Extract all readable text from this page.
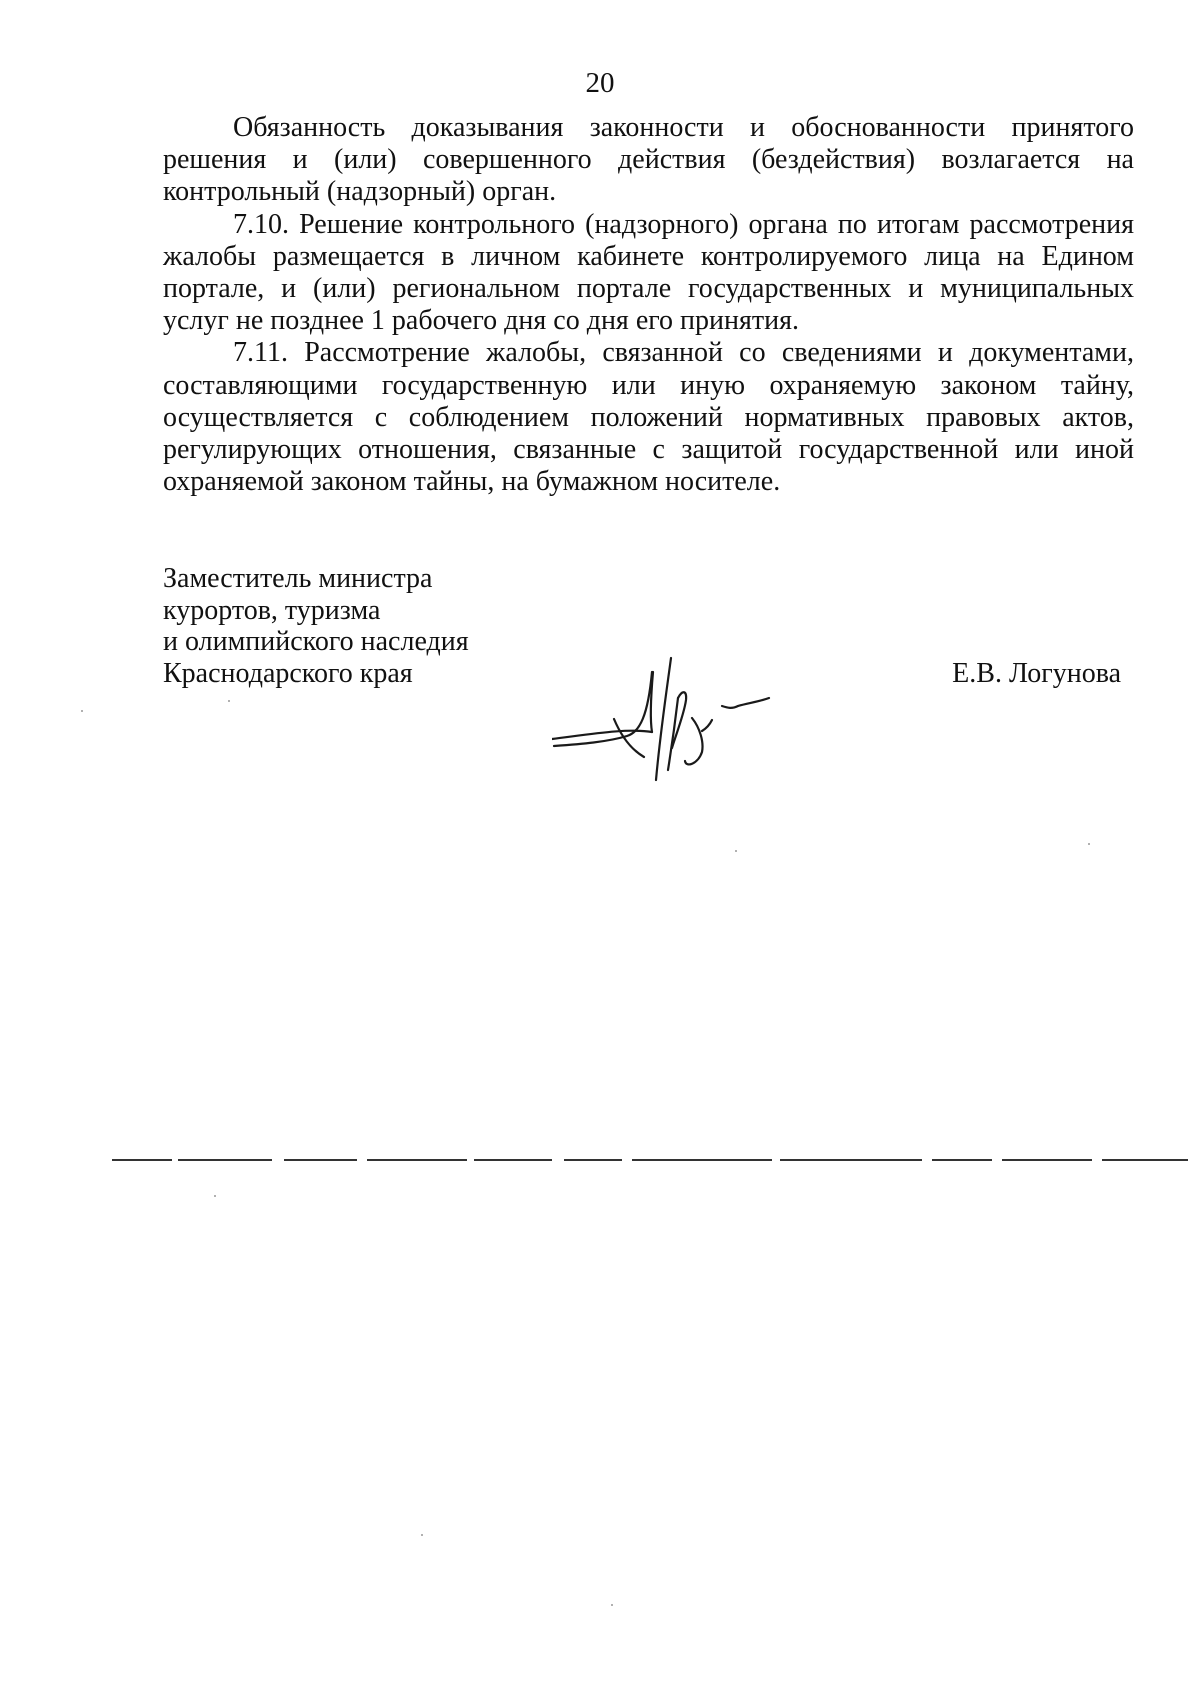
20

Обязанность доказывания законности и обоснованности принятого решения и (или) совершенного действия (бездействия) возлагается на контрольный (надзорный) орган.

7.10. Решение контрольного (надзорного) органа по итогам рассмотрения жалобы размещается в личном кабинете контролируемого лица на Едином портале, и (или) региональном портале государственных и муниципальных услуг не позднее 1 рабочего дня со дня его принятия.

7.11. Рассмотрение жалобы, связанной со сведениями и документами, составляющими государственную или иную охраняемую законом тайну, осуществляется с соблюдением положений нормативных правовых актов, регулирующих отношения, связанные с защитой государственной или иной охраняемой законом тайны, на бумажном носителе.

Заместитель министра
курортов, туризма
и олимпийского наследия
Краснодарского края	Е.В. Логунова
